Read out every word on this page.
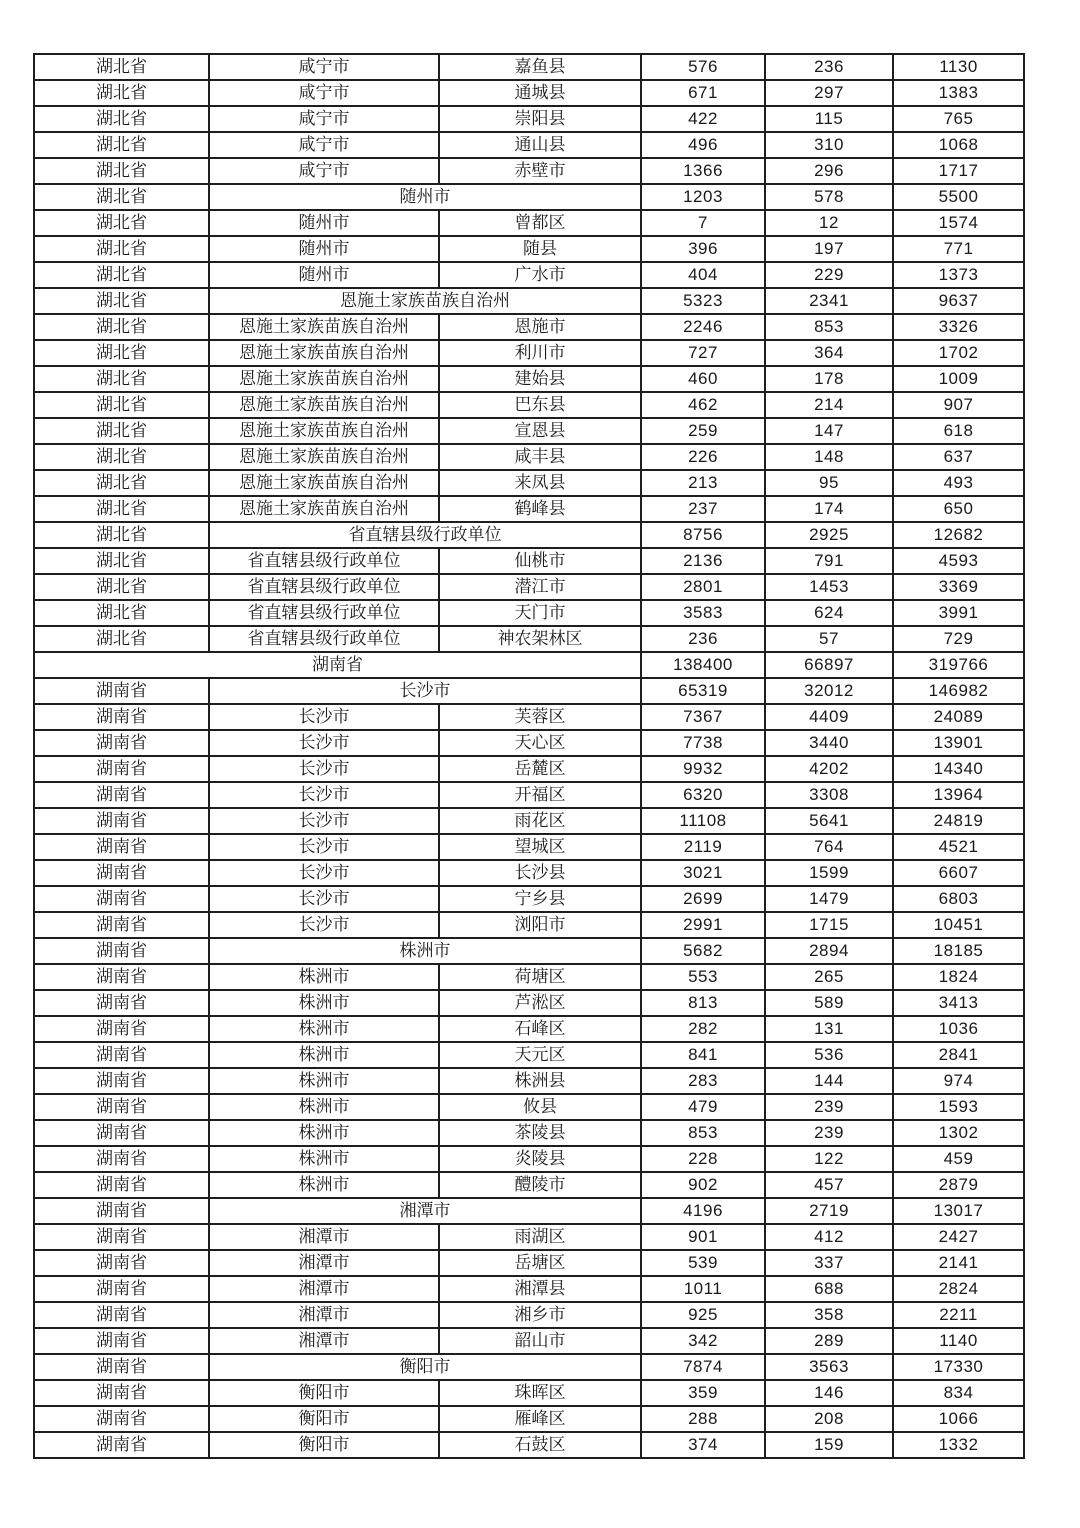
湖北省	咸宁市	嘉鱼县	576	236	1130
湖北省	咸宁市	通城县	671	297	1383
湖北省	咸宁市	崇阳县	422	115	765
湖北省	咸宁市	通山县	496	310	1068
湖北省	咸宁市	赤壁市	1366	296	1717
湖北省	随州市		1203	578	5500
湖北省	随州市	曾都区	7	12	1574
湖北省	随州市	随县	396	197	771
湖北省	随州市	广水市	404	229	1373
湖北省	恩施土家族苗族自治州		5323	2341	9637
湖北省	恩施土家族苗族自治州	恩施市	2246	853	3326
湖北省	恩施土家族苗族自治州	利川市	727	364	1702
湖北省	恩施土家族苗族自治州	建始县	460	178	1009
湖北省	恩施土家族苗族自治州	巴东县	462	214	907
湖北省	恩施土家族苗族自治州	宣恩县	259	147	618
湖北省	恩施土家族苗族自治州	咸丰县	226	148	637
湖北省	恩施土家族苗族自治州	来凤县	213	95	493
湖北省	恩施土家族苗族自治州	鹤峰县	237	174	650
湖北省	省直辖县级行政单位		8756	2925	12682
湖北省	省直辖县级行政单位	仙桃市	2136	791	4593
湖北省	省直辖县级行政单位	潜江市	2801	1453	3369
湖北省	省直辖县级行政单位	天门市	3583	624	3991
湖北省	省直辖县级行政单位	神农架林区	236	57	729
湖南省			138400	66897	319766
湖南省	长沙市		65319	32012	146982
湖南省	长沙市	芙蓉区	7367	4409	24089
湖南省	长沙市	天心区	7738	3440	13901
湖南省	长沙市	岳麓区	9932	4202	14340
湖南省	长沙市	开福区	6320	3308	13964
湖南省	长沙市	雨花区	11108	5641	24819
湖南省	长沙市	望城区	2119	764	4521
湖南省	长沙市	长沙县	3021	1599	6607
湖南省	长沙市	宁乡县	2699	1479	6803
湖南省	长沙市	浏阳市	2991	1715	10451
湖南省	株洲市		5682	2894	18185
湖南省	株洲市	荷塘区	553	265	1824
湖南省	株洲市	芦淞区	813	589	3413
湖南省	株洲市	石峰区	282	131	1036
湖南省	株洲市	天元区	841	536	2841
湖南省	株洲市	株洲县	283	144	974
湖南省	株洲市	攸县	479	239	1593
湖南省	株洲市	茶陵县	853	239	1302
湖南省	株洲市	炎陵县	228	122	459
湖南省	株洲市	醴陵市	902	457	2879
湖南省	湘潭市		4196	2719	13017
湖南省	湘潭市	雨湖区	901	412	2427
湖南省	湘潭市	岳塘区	539	337	2141
湖南省	湘潭市	湘潭县	1011	688	2824
湖南省	湘潭市	湘乡市	925	358	2211
湖南省	湘潭市	韶山市	342	289	1140
湖南省	衡阳市		7874	3563	17330
湖南省	衡阳市	珠晖区	359	146	834
湖南省	衡阳市	雁峰区	288	208	1066
湖南省	衡阳市	石鼓区	374	159	1332
